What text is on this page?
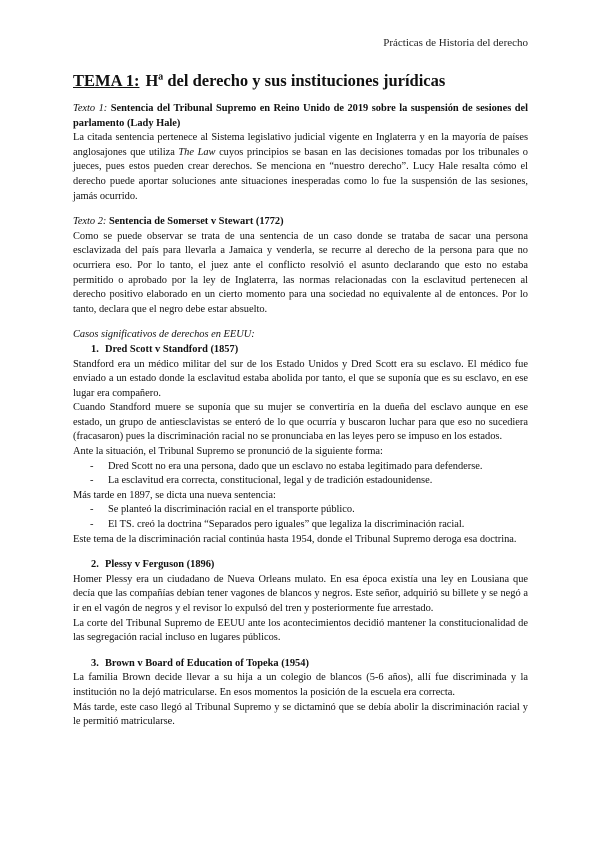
Prácticas de Historia del derecho
TEMA 1: Hª del derecho y sus instituciones jurídicas

Texto 1: Sentencia del Tribunal Supremo en Reino Unido de 2019 sobre la suspensión de sesiones del parlamento (Lady Hale)

La citada sentencia pertenece al Sistema legislativo judicial vigente en Inglaterra y en la mayoría de países anglosajones que utiliza The Law cuyos principios se basan en las decisiones tomadas por los tribunales o jueces, pues estos pueden crear derechos. Se menciona en “nuestro derecho”. Lucy Hale resalta cómo el derecho puede aportar soluciones ante situaciones inesperadas como lo fue la suspensión de las sesiones, jamás ocurrido.

Texto 2: Sentencia de Somerset v Stewart (1772)

Como se puede observar se trata de una sentencia de un caso donde se trataba de sacar una persona esclavizada del país para llevarla a Jamaica y venderla, se recurre al derecho de la persona para que no ocurriera eso. Por lo tanto, el juez ante el conflicto resolvió el asunto declarando que esto no estaba permitido o aprobado por la ley de Inglaterra, las normas relacionadas con la esclavitud pertenecen al derecho positivo elaborado en un cierto momento para una sociedad no equivalente al de entonces. Por lo tanto, declara que el negro debe estar absuelto.

Casos significativos de derechos en EEUU:

1. Dred Scott v Standford (1857)

Standford era un médico militar del sur de los Estado Unidos y Dred Scott era su esclavo. El médico fue enviado a un estado donde la esclavitud estaba abolida por tanto, el que se suponía que es su esclavo, en ese lugar era compañero.

Cuando Standford muere se suponía que su mujer se convertiría en la dueña del esclavo aunque en ese estado, un grupo de antiesclavistas se enteró de lo que ocurría y buscaron luchar para que eso no sucediera (fracasaron) pues la discriminación racial no se pronunciaba en las leyes pero se impuso en los estados.

Ante la situación, el Tribunal Supremo se pronunció de la siguiente forma:

- Dred Scott no era una persona, dado que un esclavo no estaba legitimado para defenderse.
- La esclavitud era correcta, constitucional, legal y de tradición estadounidense.

Más tarde en 1897, se dicta una nueva sentencia:

- Se planteó la discriminación racial en el transporte público.
- El TS. creó la doctrina “Separados pero iguales” que legaliza la discriminación racial.

Este tema de la discriminación racial continúa hasta 1954, donde el Tribunal Supremo deroga esa doctrina.

2. Plessy v Ferguson (1896)

Homer Plessy era un ciudadano de Nueva Orleans mulato. En esa época existía una ley en Lousiana que decía que las compañías debían tener vagones de blancos y negros. Este señor, adquirió su billete y se negó a ir en el vagón de negros y el revisor lo expulsó del tren y posteriormente fue arrestado.

La corte del Tribunal Supremo de EEUU ante los acontecimientos decidió mantener la constitucionalidad de las segregación racial incluso en lugares públicos.

3. Brown v Board of Education of Topeka (1954)

La familia Brown decide llevar a su hija a un colegio de blancos (5-6 años), allí fue discriminada y la institución no la dejó matricularse. En esos momentos la posición de la escuela era correcta.

Más tarde, este caso llegó al Tribunal Supremo y se dictaminó que se debía abolir la discriminación racial y le permitió matricularse.
